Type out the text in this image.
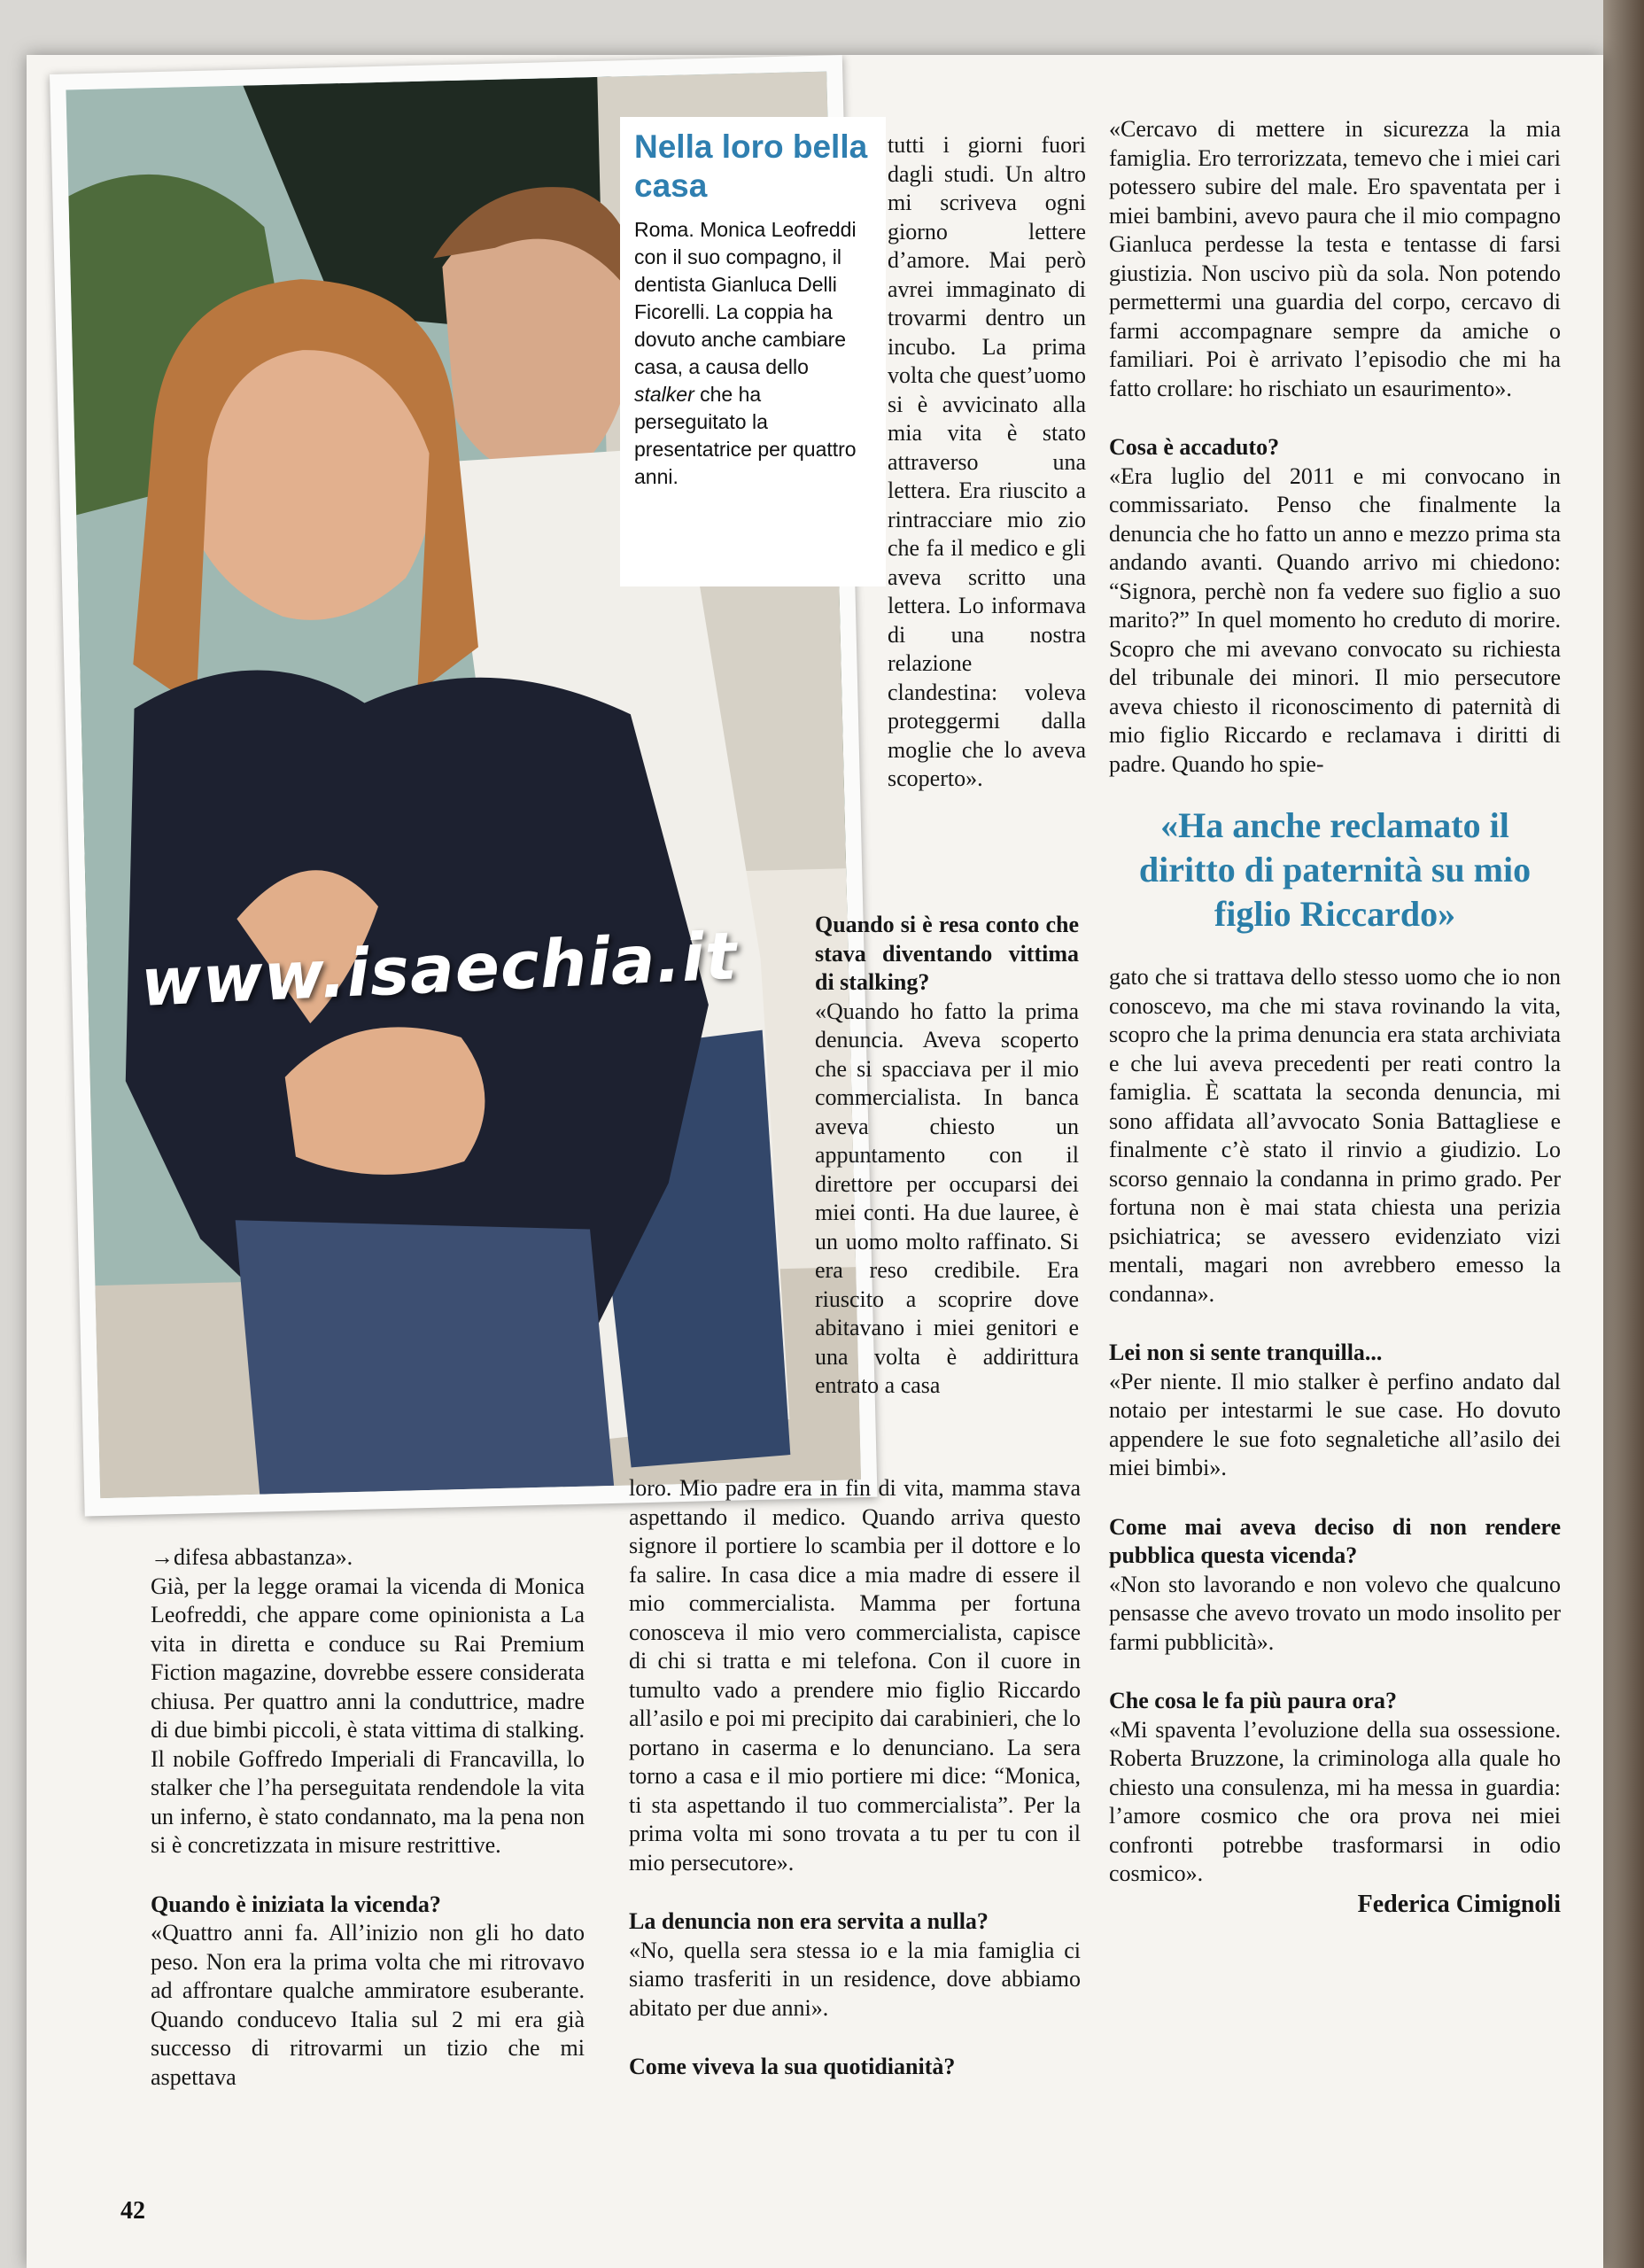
www.isaechia.it
Nella loro bella casa
Roma. Monica Leofreddi con il suo compagno, il dentista Gianluca Delli Ficorelli. La coppia ha dovuto anche cambiare casa, a causa dello stalker che ha perseguitato la presentatrice per quattro anni.

tutti i giorni fuori dagli studi. Un altro mi scriveva ogni giorno lettere d’amore. Mai però avrei immaginato di trovarmi dentro un incubo. La prima volta che quest’uomo si è avvicinato alla mia vita è stato attraverso una lettera. Era riuscito a rintracciare mio zio che fa il medico e gli aveva scritto una lettera. Lo informava di una nostra relazione clandestina: voleva proteggermi dalla moglie che lo aveva scoperto».

Quando si è resa conto che stava diventando vittima di stalking?

«Quando ho fatto la prima denuncia. Aveva scoperto che si spacciava per il mio commercialista. In banca aveva chiesto un appuntamento con il direttore per occuparsi dei miei conti. Ha due lauree, è un uomo molto raffinato. Si era reso credibile. Era riuscito a scoprire dove abitavano i miei genitori e una volta è addirittura entrato a casa

→difesa abbastanza».

Già, per la legge oramai la vicenda di Monica Leofreddi, che appare come opinionista a La vita in diretta e conduce su Rai Premium Fiction magazine, dovrebbe essere considerata chiusa. Per quattro anni la conduttrice, madre di due bimbi piccoli, è stata vittima di stalking. Il nobile Goffredo Imperiali di Francavilla, lo stalker che l’ha perseguitata rendendole la vita un inferno, è stato condannato, ma la pena non si è concretizzata in misure restrittive.

Quando è iniziata la vicenda?

«Quattro anni fa. All’inizio non gli ho dato peso. Non era la prima volta che mi ritrovavo ad affrontare qualche ammiratore esuberante. Quando conducevo Italia sul 2 mi era già successo di ritrovarmi un tizio che mi aspettava

loro. Mio padre era in fin di vita, mamma stava aspettando il medico. Quando arriva questo signore il portiere lo scambia per il dottore e lo fa salire. In casa dice a mia madre di essere il mio commercialista. Mamma per fortuna conosceva il mio vero commercialista, capisce di chi si tratta e mi telefona. Con il cuore in tumulto vado a prendere mio figlio Riccardo all’asilo e poi mi precipito dai carabinieri, che lo portano in caserma e lo denunciano. La sera torno a casa e il mio portiere mi dice: “Monica, ti sta aspettando il tuo commercialista”. Per la prima volta mi sono trovata a tu per tu con il mio persecutore».

La denuncia non era servita a nulla?

«No, quella sera stessa io e la mia famiglia ci siamo trasferiti in un residence, dove abbiamo abitato per due anni».

Come viveva la sua quotidianità?

«Cercavo di mettere in sicurezza la mia famiglia. Ero terrorizzata, temevo che i miei cari potessero subire del male. Ero spaventata per i miei bambini, avevo paura che il mio compagno Gianluca perdesse la testa e tentasse di farsi giustizia. Non uscivo più da sola. Non potendo permettermi una guardia del corpo, cercavo di farmi accompagnare sempre da amiche o familiari. Poi è arrivato l’episodio che mi ha fatto crollare: ho rischiato un esaurimento».

Cosa è accaduto?

«Era luglio del 2011 e mi convocano in commissariato. Penso che finalmente la denuncia che ho fatto un anno e mezzo prima sta andando avanti. Quando arrivo mi chiedono: “Signora, perchè non fa vedere suo figlio a suo marito?” In quel momento ho creduto di morire. Scopro che mi avevano convocato su richiesta del tribunale dei minori. Il mio persecutore aveva chiesto il riconoscimento di paternità di mio figlio Riccardo e reclamava i diritti di padre. Quando ho spie-

«Ha anche reclamato il diritto di paternità su mio figlio Riccardo»

gato che si trattava dello stesso uomo che io non conoscevo, ma che mi stava rovinando la vita, scopro che la prima denuncia era stata archiviata e che lui aveva precedenti per reati contro la famiglia. È scattata la seconda denuncia, mi sono affidata all’avvocato Sonia Battagliese e finalmente c’è stato il rinvio a giudizio. Lo scorso gennaio la condanna in primo grado. Per fortuna non è mai stata chiesta una perizia psichiatrica; se avessero evidenziato vizi mentali, magari non avrebbero emesso la condanna».

Lei non si sente tranquilla...

«Per niente. Il mio stalker è perfino andato dal notaio per intestarmi le sue case. Ho dovuto appendere le sue foto segnaletiche all’asilo dei miei bimbi».

Come mai aveva deciso di non rendere pubblica questa vicenda?

«Non sto lavorando e non volevo che qualcuno pensasse che avevo trovato un modo insolito per farmi pubblicità».

Che cosa le fa più paura ora?

«Mi spaventa l’evoluzione della sua ossessione. Roberta Bruzzone, la criminologa alla quale ho chiesto una consulenza, mi ha messa in guardia: l’amore cosmico che ora prova nei miei confronti potrebbe trasformarsi in odio cosmico».

Federica Cimignoli
42
